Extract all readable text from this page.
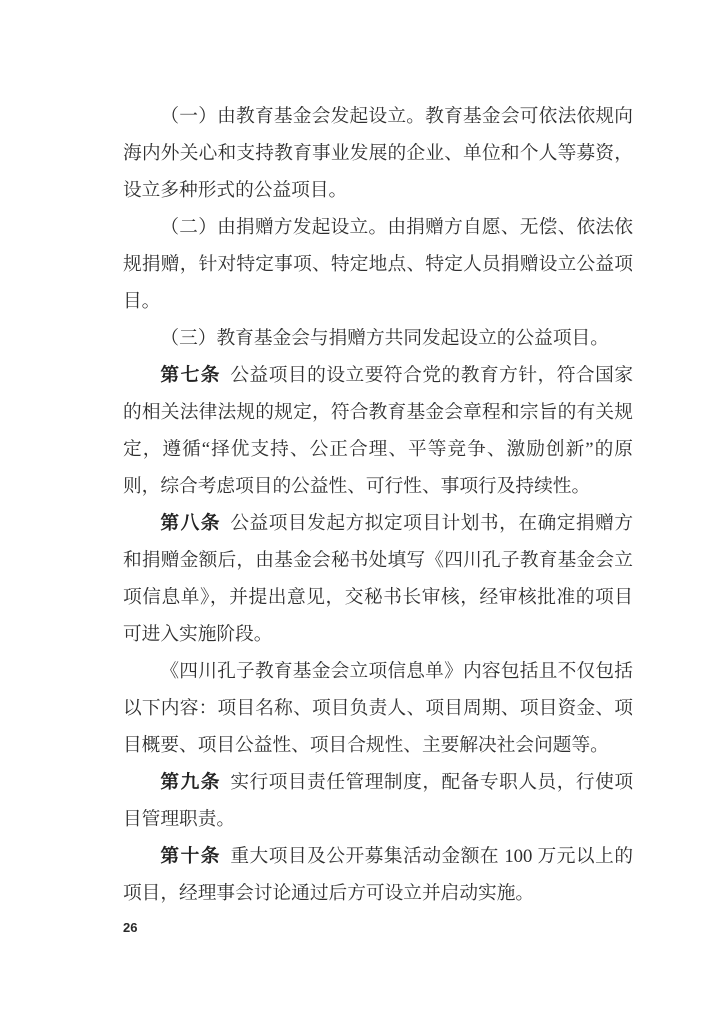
（一）由教育基金会发起设立。教育基金会可依法依规向海内外关心和支持教育事业发展的企业、单位和个人等募资，设立多种形式的公益项目。

（二）由捐赠方发起设立。由捐赠方自愿、无偿、依法依规捐赠，针对特定事项、特定地点、特定人员捐赠设立公益项目。

（三）教育基金会与捐赠方共同发起设立的公益项目。

第七条 公益项目的设立要符合党的教育方针，符合国家的相关法律法规的规定，符合教育基金会章程和宗旨的有关规定，遵循“择优支持、公正合理、平等竞争、激励创新”的原则，综合考虑项目的公益性、可行性、事项行及持续性。

第八条 公益项目发起方拟定项目计划书，在确定捐赠方和捐赠金额后，由基金会秘书处填写《四川孔子教育基金会立项信息单》，并提出意见，交秘书长审核，经审核批准的项目可进入实施阶段。

《四川孔子教育基金会立项信息单》内容包括且不仅包括以下内容：项目名称、项目负责人、项目周期、项目资金、项目概要、项目公益性、项目合规性、主要解决社会问题等。

第九条 实行项目责任管理制度，配备专职人员，行使项目管理职责。

第十条 重大项目及公开募集活动金额在 100 万元以上的项目，经理事会讨论通过后方可设立并启动实施。

26
